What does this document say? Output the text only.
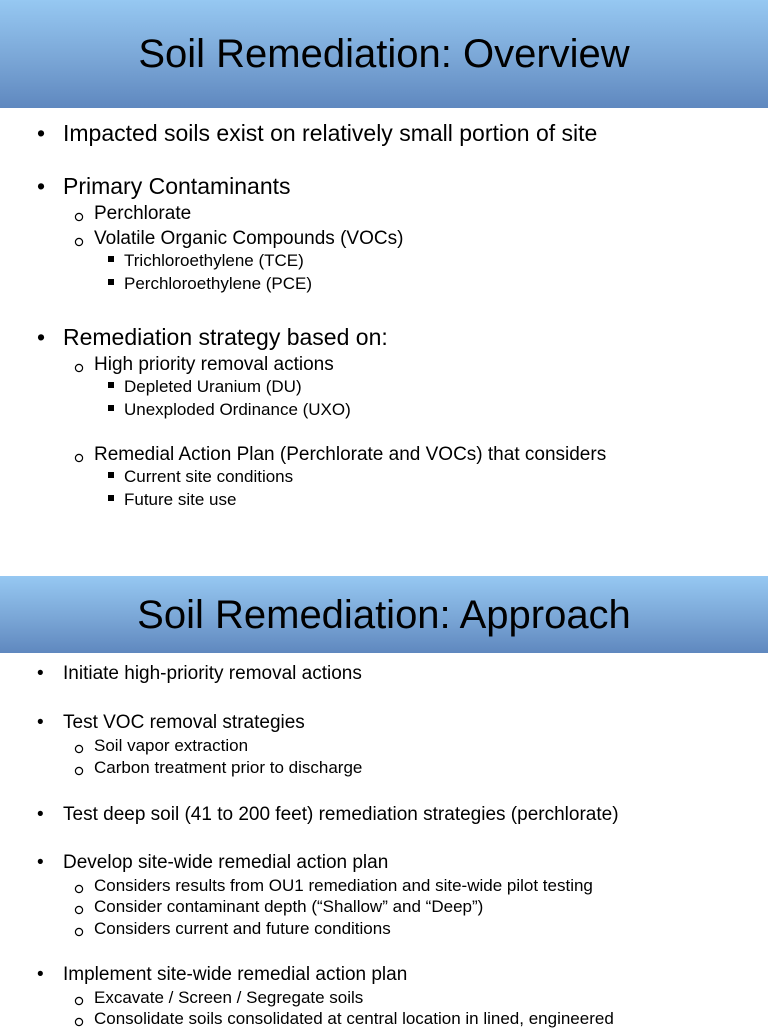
Soil Remediation: Overview
• Impacted soils exist on relatively small portion of site
• Primary Contaminants
Perchlorate
Volatile Organic Compounds (VOCs)
Trichloroethylene (TCE)
Perchloroethylene (PCE)
• Remediation strategy based on:
High priority removal actions
Depleted Uranium (DU)
Unexploded Ordinance (UXO)
Remedial Action Plan (Perchlorate and VOCs) that considers
Current site conditions
Future site use
Soil Remediation: Approach
• Initiate high-priority removal actions
• Test VOC removal strategies
Soil vapor extraction
Carbon treatment prior to discharge
• Test deep soil (41 to 200 feet) remediation strategies (perchlorate)
• Develop site-wide remedial action plan
Considers results from OU1 remediation and site-wide pilot testing
Consider contaminant depth (“Shallow” and “Deep”)
Considers current and future conditions
• Implement site-wide remedial action plan
Excavate / Screen / Segregate soils
Consolidate soils consolidated at central location in lined, engineered
